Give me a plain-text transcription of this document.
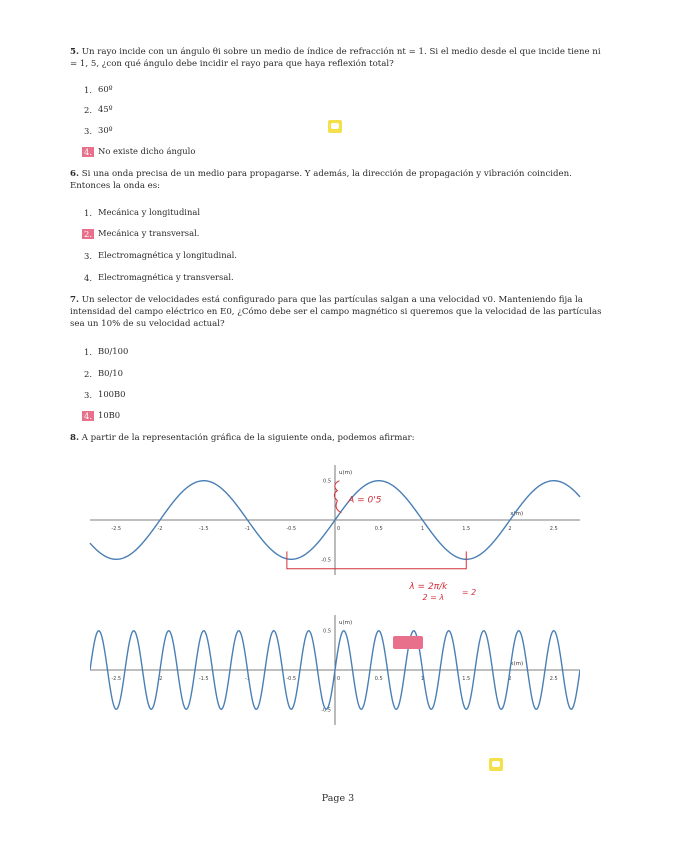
5. Un rayo incide con un ángulo θi sobre un medio de índice de refracción nt = 1. Si el medio desde el que incide tiene ni = 1, 5, ¿con qué ángulo debe incidir el rayo para que haya reflexión total?
1. 60º
2. 45º
3. 30º
4. No existe dicho ángulo
6. Si una onda precisa de un medio para propagarse. Y además, la dirección de propagación y vibración coinciden. Entonces la onda es:
1. Mecánica y longitudinal
2. Mecánica y transversal.
3. Electromagnética y longitudinal.
4. Electromagnética y transversal.
7. Un selector de velocidades está configurado para que las partículas salgan a una velocidad v0. Manteniendo fija la intensidad del campo eléctrico en E0, ¿Cómo debe ser el campo magnético si queremos que la velocidad de las partículas sea un 10% de su velocidad actual?
1. B0/100
2. B0/10
3. 100B0
4. 10B0
8. A partir de la representación gráfica de la siguiente onda, podemos afirmar:
-2.5	-2	-1.5	-1	-0.5	0	0.5	1	1.5	2	2.5
0.5
-0.5
u(m)
x(m)
A = 0'5
λ = 2π/k
2 = λ
= 2
-2.5	-2	-1.5	-1	-0.5	0	0.5	1	1.5	2	2.5
0.5
-0.5
u(m)
x(m)
Page 3
